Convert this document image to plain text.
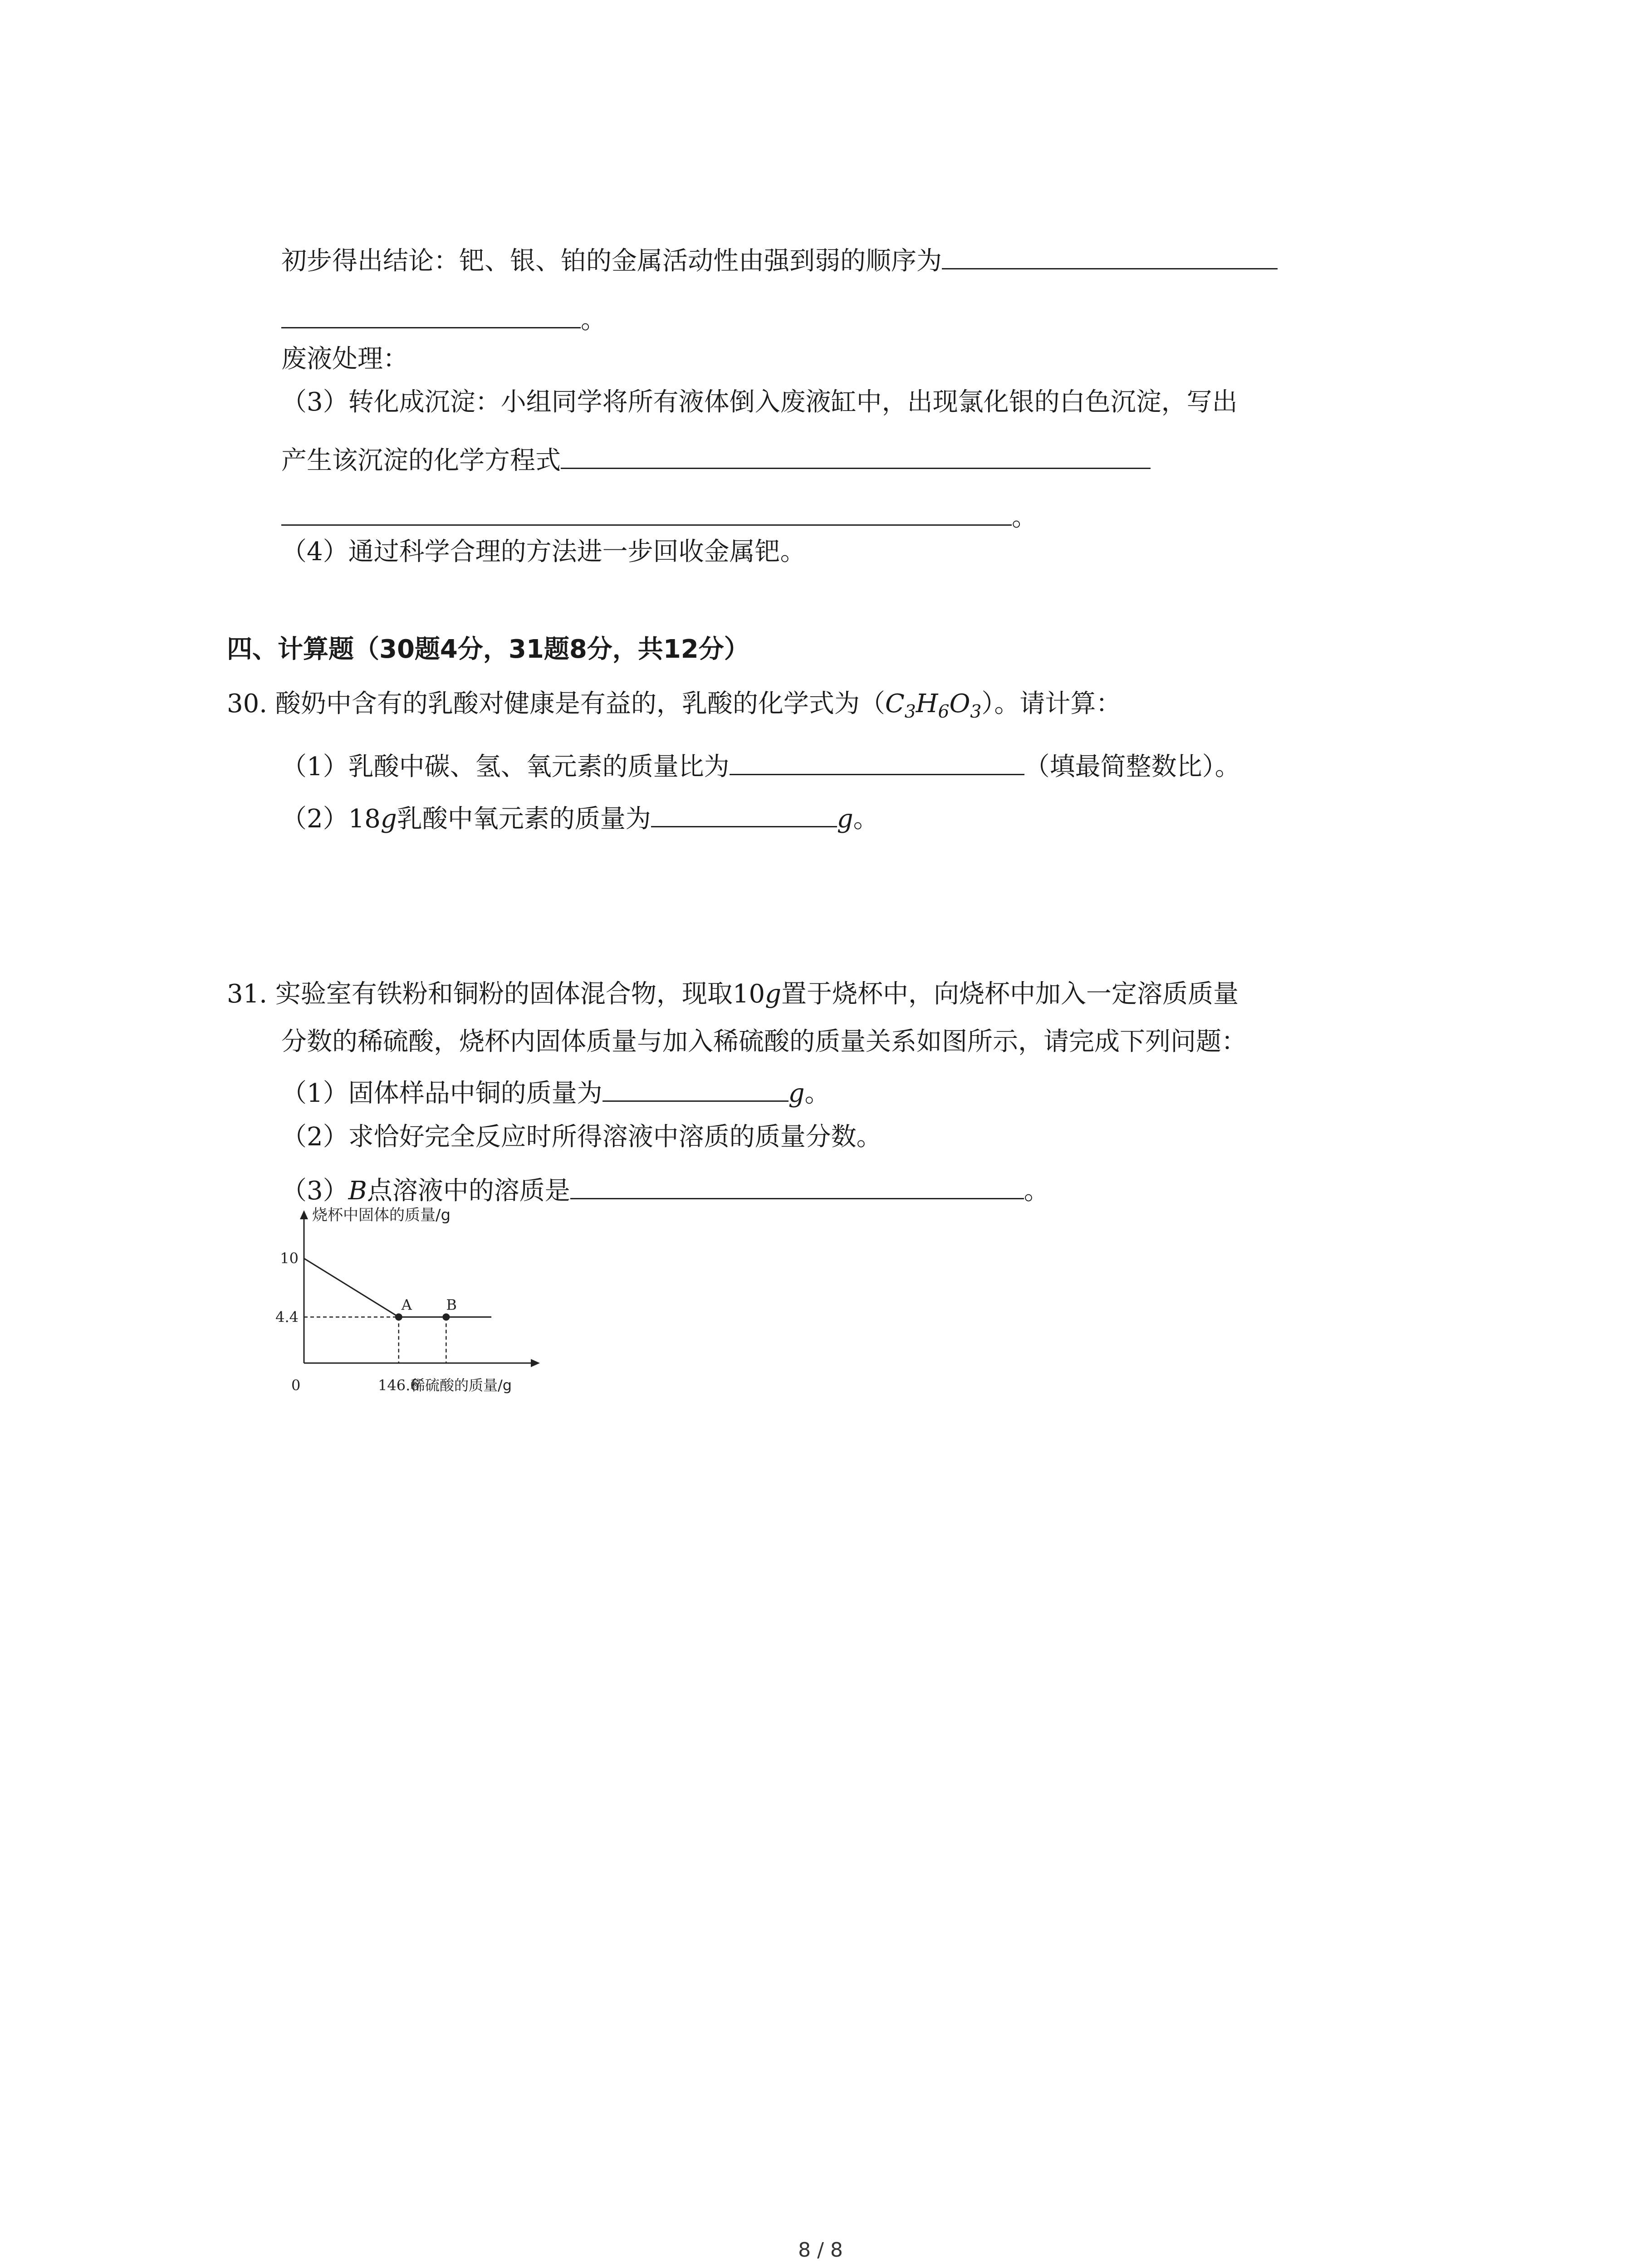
初步得出结论：钯、银、铂的金属活动性由强到弱的顺序为
。
废液处理：
（3）转化成沉淀：小组同学将所有液体倒入废液缸中，出现氯化银的白色沉淀，写出
产生该沉淀的化学方程式
。
（4）通过科学合理的方法进一步回收金属钯。
四、计算题（30题4分，31题8分，共12分）
30. 酸奶中含有的乳酸对健康是有益的，乳酸的化学式为$(C_3H_6O_3)$。请计算：
（1）乳酸中碳、氢、氧元素的质量比为	（填最简整数比）。
（2）18g乳酸中氧元素的质量为	g。
31. 实验室有铁粉和铜粉的固体混合物，现取10g置于烧杯中，向烧杯中加入一定溶质质量
分数的稀硫酸，烧杯内固体质量与加入稀硫酸的质量关系如图所示，请完成下列问题：
（1）固体样品中铜的质量为	g。
（2）求恰好完全反应时所得溶液中溶质的质量分数。
（3）B点溶液中的溶质是	。
烧杯中固体的质量/g
稀硫酸的质量/g
0
10
4.4
146.6
A B
8 / 8
